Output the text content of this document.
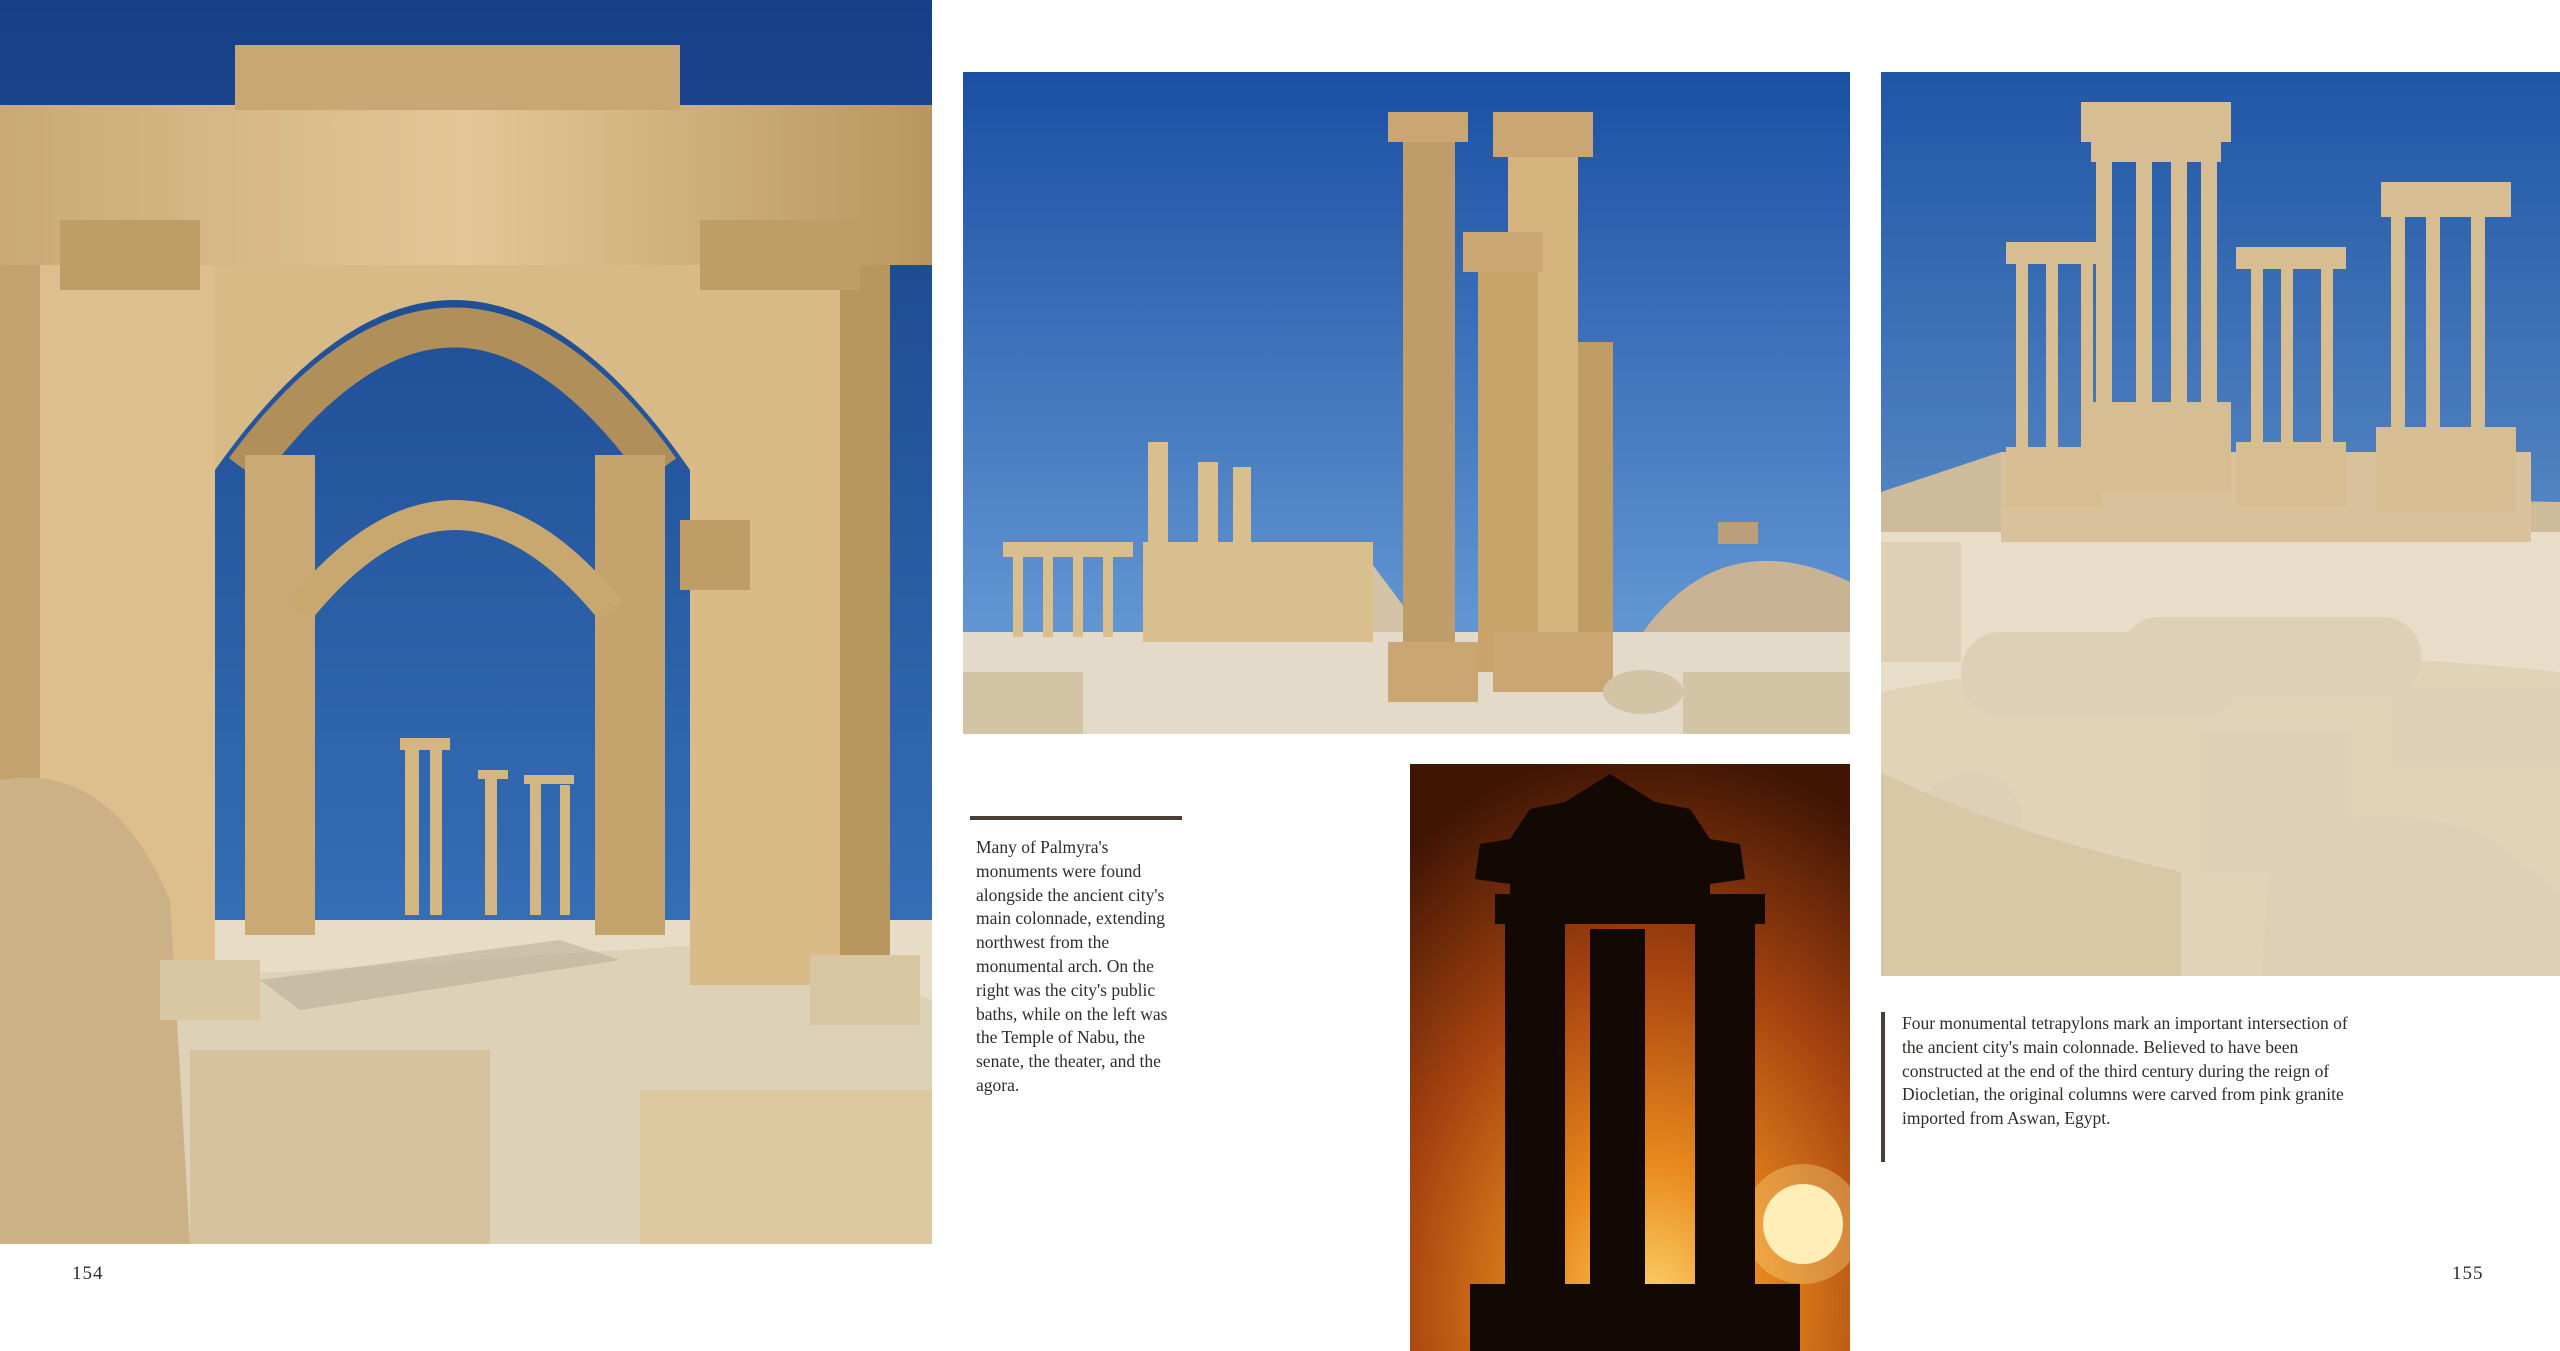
Many of Palmyra's monuments were found alongside the ancient city's main colonnade, extending northwest from the monumental arch. On the right was the city's public baths, while on the left was the Temple of Nabu, the senate, the theater, and the agora.
Four monumental tetrapylons mark an important intersection of the ancient city's main colonnade. Believed to have been constructed at the end of the third century during the reign of Diocletian, the original columns were carved from pink granite imported from Aswan, Egypt.
154	155
